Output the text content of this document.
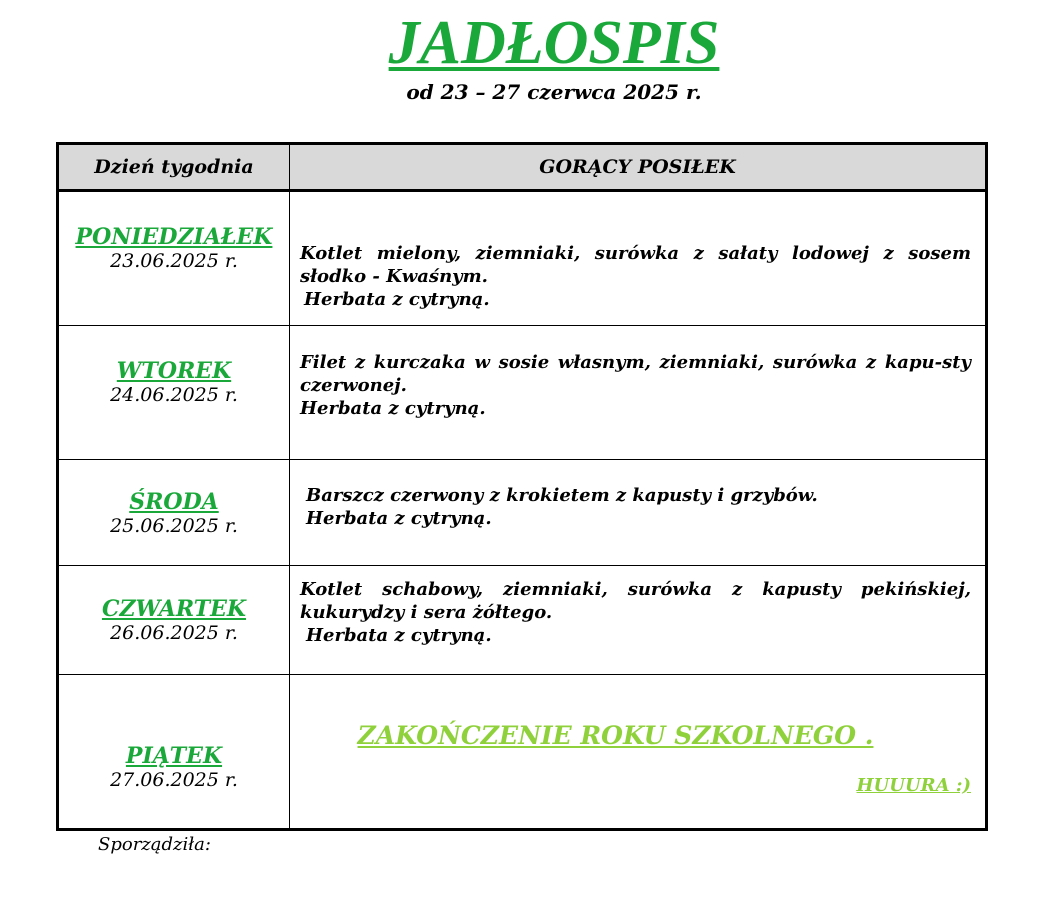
JADŁOSPIS
od 23 – 27 czerwca 2025 r.
Dzień tygodnia	GORĄCY POSIŁEK

PONIEDZIAŁEK
23.06.2025 r.	Kotlet mielony, ziemniaki, surówka z sałaty lodowej z sosem słodko - Kwaśnym.
Herbata z cytryną.

WTOREK
24.06.2025 r.	Filet z kurczaka w sosie własnym, ziemniaki, surówka z kapu-sty czerwonej.
Herbata z cytryną.

ŚRODA
25.06.2025 r.	Barszcz czerwony z krokietem z kapusty i grzybów.
Herbata z cytryną.

CZWARTEK
26.06.2025 r.	Kotlet schabowy, ziemniaki, surówka z kapusty pekińskiej, kukurydzy i sera żółtego.
Herbata z cytryną.

PIĄTEK
27.06.2025 r.	ZAKOŃCZENIE ROKU SZKOLNEGO .
HUUURA :)
Sporządziła:
